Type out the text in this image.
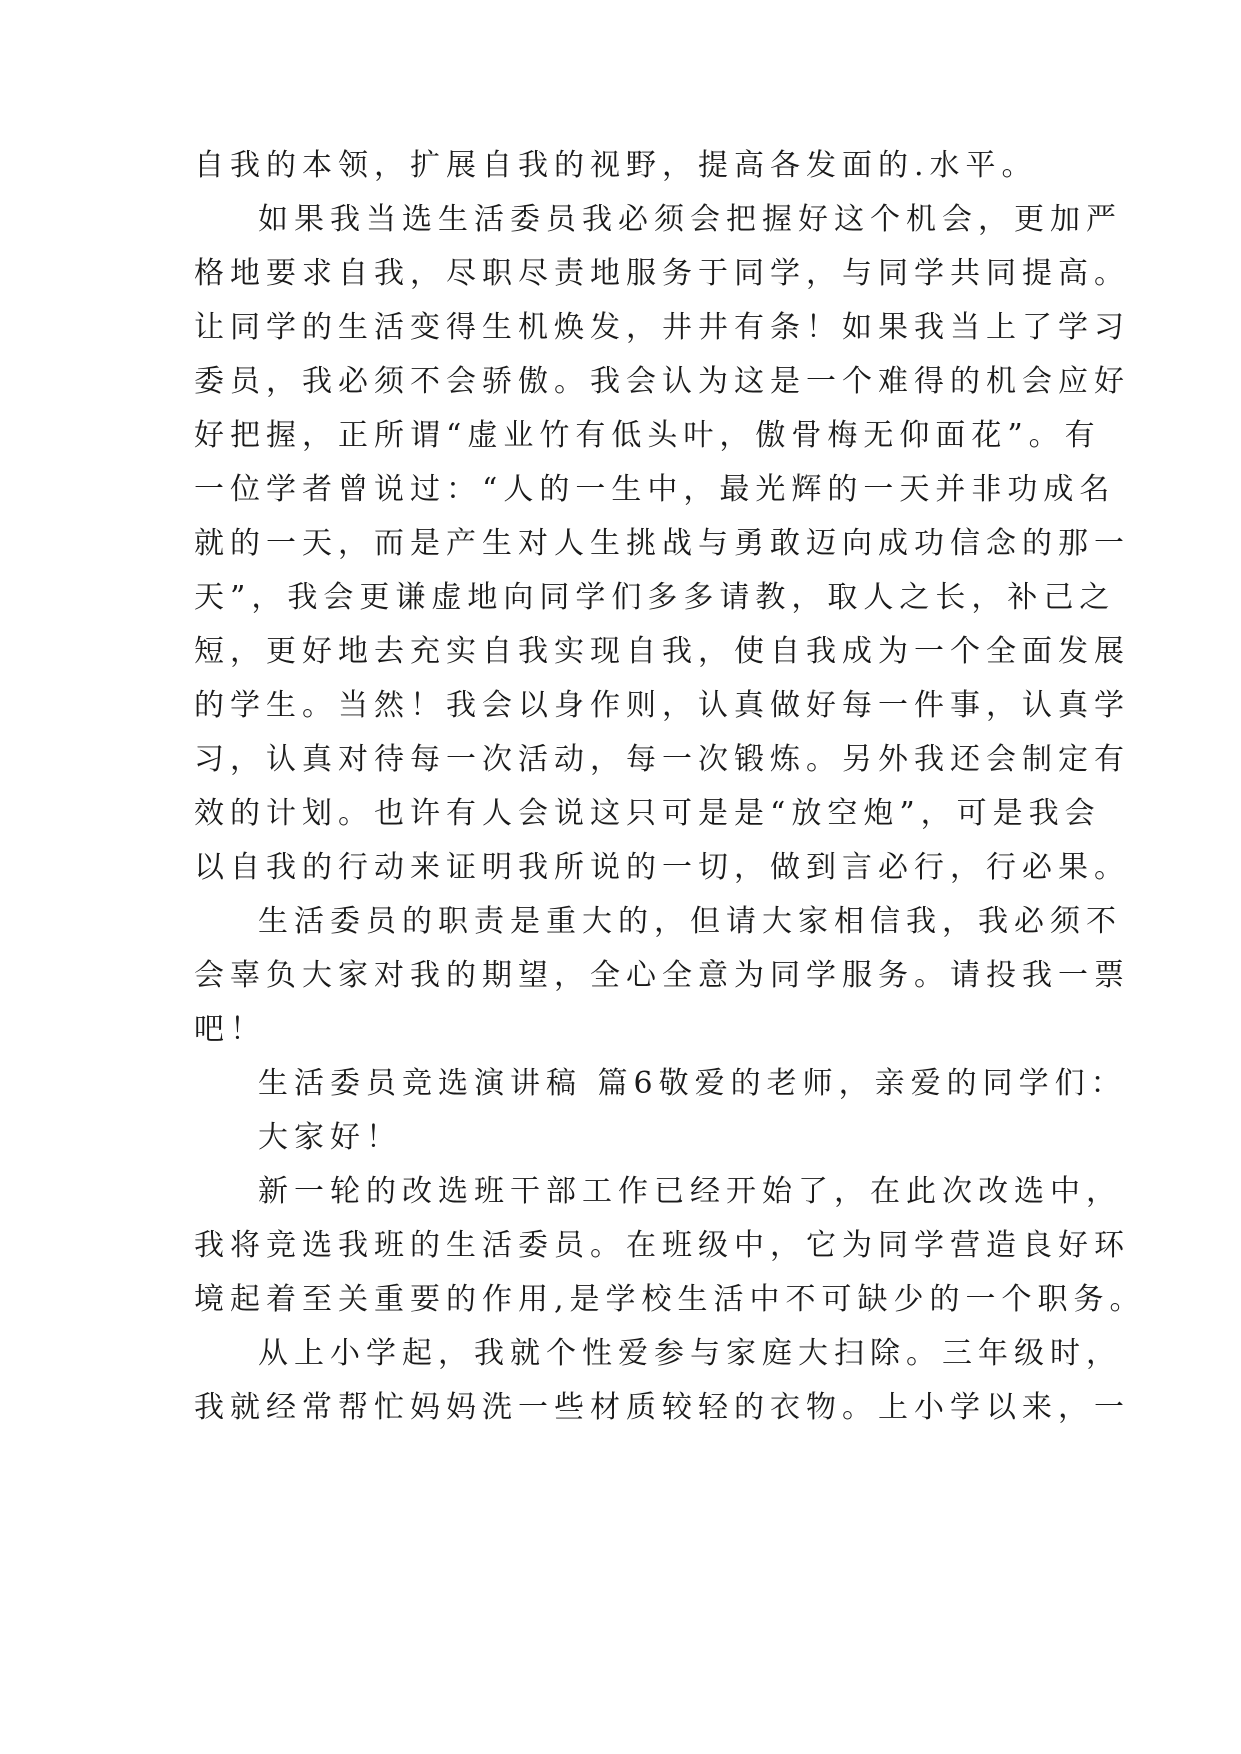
自我的本领，扩展自我的视野，提高各发面的.水平。
如果我当选生活委员我必须会把握好这个机会，更加严
格地要求自我，尽职尽责地服务于同学，与同学共同提高。
让同学的生活变得生机焕发，井井有条！如果我当上了学习
委员，我必须不会骄傲。我会认为这是一个难得的机会应好
好把握，正所谓“虚业竹有低头叶，傲骨梅无仰面花”。有
一位学者曾说过：“人的一生中，最光辉的一天并非功成名
就的一天，而是产生对人生挑战与勇敢迈向成功信念的那一
天”，我会更谦虚地向同学们多多请教，取人之长，补己之
短，更好地去充实自我实现自我，使自我成为一个全面发展
的学生。当然！我会以身作则，认真做好每一件事，认真学
习，认真对待每一次活动，每一次锻炼。另外我还会制定有
效的计划。也许有人会说这只可是是“放空炮”，可是我会
以自我的行动来证明我所说的一切，做到言必行，行必果。
生活委员的职责是重大的，但请大家相信我，我必须不
会辜负大家对我的期望，全心全意为同学服务。请投我一票
吧！
生活委员竞选演讲稿 篇6敬爱的老师，亲爱的同学们：
大家好！
新一轮的改选班干部工作已经开始了，在此次改选中，
我将竞选我班的生活委员。在班级中，它为同学营造良好环
境起着至关重要的作用,是学校生活中不可缺少的一个职务。
从上小学起，我就个性爱参与家庭大扫除。三年级时，
我就经常帮忙妈妈洗一些材质较轻的衣物。上小学以来，一
